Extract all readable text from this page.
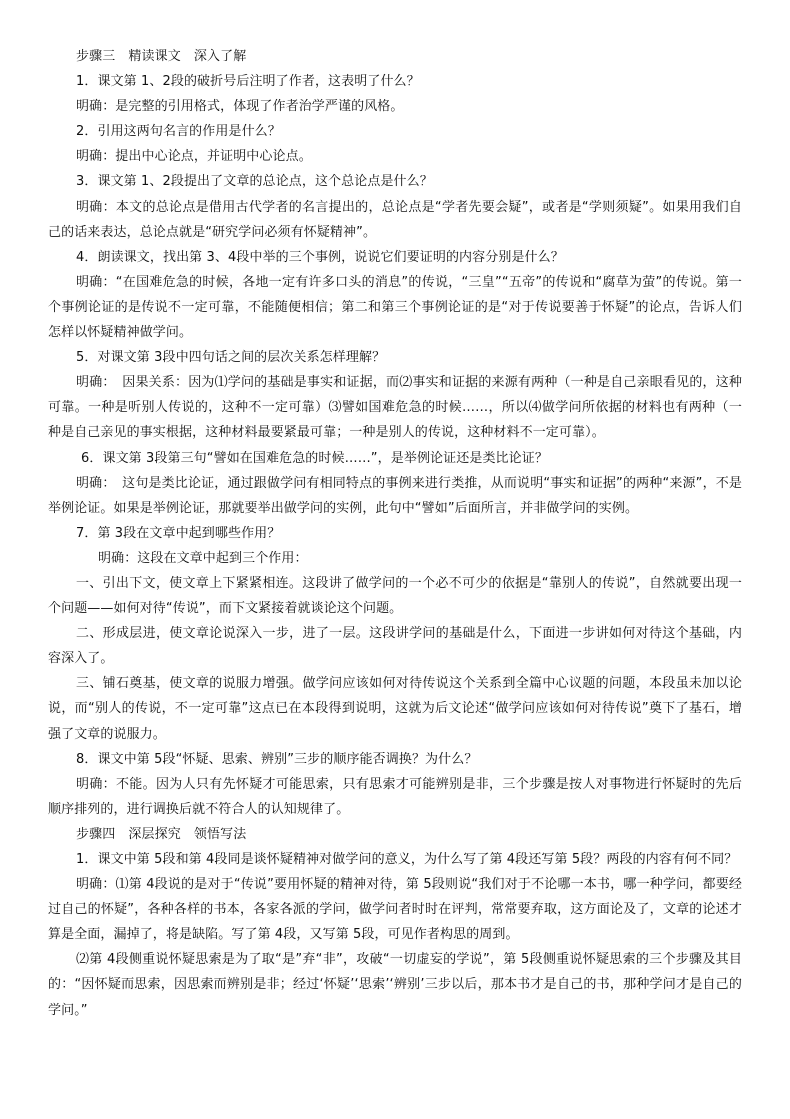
步骤三　精读课文　深入了解

1．课文第 1、2段的破折号后注明了作者，这表明了什么？

明确：是完整的引用格式，体现了作者治学严谨的风格。

2．引用这两句名言的作用是什么？

明确：提出中心论点，并证明中心论点。

3．课文第 1、2段提出了文章的总论点，这个总论点是什么？

明确：本文的总论点是借用古代学者的名言提出的，总论点是“学者先要会疑”，或者是“学则须疑”。如果用我们自己的话来表达，总论点就是“研究学问必须有怀疑精神”。

4．朗读课文，找出第 3、4段中举的三个事例，说说它们要证明的内容分别是什么？

明确：“在国难危急的时候，各地一定有许多口头的消息”的传说，“三皇”“五帝”的传说和“腐草为萤”的传说。第一个事例论证的是传说不一定可靠，不能随便相信；第二和第三个事例论证的是“对于传说要善于怀疑”的论点，告诉人们怎样以怀疑精神做学问。

5．对课文第 3段中四句话之间的层次关系怎样理解？

明确：　因果关系：因为⑴学问的基础是事实和证据，而⑵事实和证据的来源有两种（一种是自己亲眼看见的，这种可靠。一种是听别人传说的，这种不一定可靠）⑶譬如国难危急的时候……，所以⑷做学问所依据的材料也有两种（一种是自己亲见的事实根据，这种材料最要紧最可靠；一种是别人的传说，这种材料不一定可靠）。

6．课文第 3段第三句“譬如在国难危急的时候……”，是举例论证还是类比论证？

明确：　这句是类比论证，通过跟做学问有相同特点的事例来进行类推，从而说明“事实和证据”的两种“来源”，不是举例论证。如果是举例论证，那就要举出做学问的实例，此句中“譬如”后面所言，并非做学问的实例。

7．第 3段在文章中起到哪些作用？

明确：这段在文章中起到三个作用：

一、引出下文，使文章上下紧紧相连。这段讲了做学问的一个必不可少的依据是“靠别人的传说”，自然就要出现一个问题——如何对待“传说”，而下文紧接着就谈论这个问题。

二、形成层进，使文章论说深入一步，进了一层。这段讲学问的基础是什么，下面进一步讲如何对待这个基础，内容深入了。

三、铺石奠基，使文章的说服力增强。做学问应该如何对待传说这个关系到全篇中心议题的问题，本段虽未加以论说，而“别人的传说，不一定可靠”这点已在本段得到说明，这就为后文论述“做学问应该如何对待传说”奠下了基石，增强了文章的说服力。

8．课文中第 5段“怀疑、思索、辨别”三步的顺序能否调换？为什么？

明确：不能。因为人只有先怀疑才可能思索，只有思索才可能辨别是非，三个步骤是按人对事物进行怀疑时的先后顺序排列的，进行调换后就不符合人的认知规律了。

步骤四　深层探究　领悟写法

1．课文中第 5段和第 4段同是谈怀疑精神对做学问的意义，为什么写了第 4段还写第 5段？两段的内容有何不同？

明确：⑴第 4段说的是对于“传说”要用怀疑的精神对待，第 5段则说“我们对于不论哪一本书，哪一种学问，都要经过自己的怀疑”，各种各样的书本，各家各派的学问，做学问者时时在评判，常常要弃取，这方面论及了，文章的论述才算是全面，漏掉了，将是缺陷。写了第 4段，又写第 5段，可见作者构思的周到。

⑵第 4段侧重说怀疑思索是为了取“是”弃“非”，攻破“一切虚妄的学说”，第 5段侧重说怀疑思索的三个步骤及其目的：“因怀疑而思索，因思索而辨别是非；经过‘怀疑’‘思索’‘辨别’三步以后，那本书才是自己的书，那种学问才是自己的学问。”
